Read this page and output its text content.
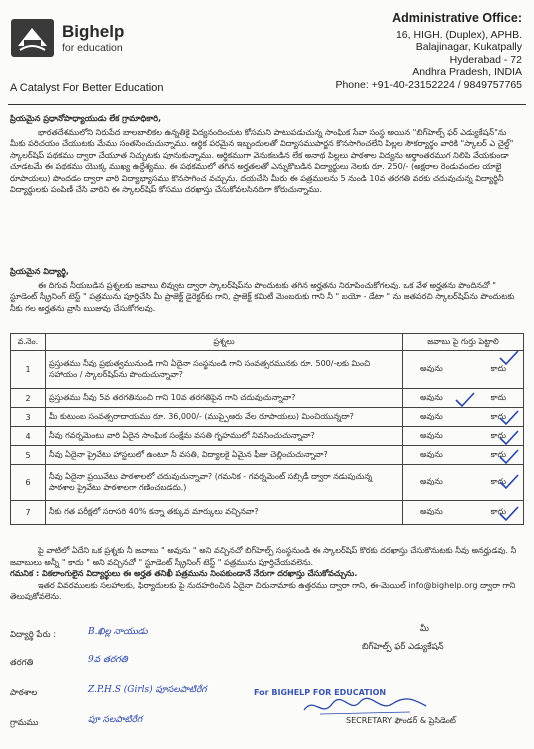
Bighelp
for education
A Catalyst For Better Education
Administrative Office:
16, HIGH. (Duplex), APHB.
Balajinagar, Kukatpally
Hyderabad - 72
Andhra Pradesh, INDIA
Phone: +91-40-23152224 / 9849757765
ప్రియమైన ప్రధానోపాధ్యాయుడు లేక గ్రామాధికారి,
భారతదేశములోని నిరుపేద బాలబాలికల ఉన్నతికై విద్యనందించుట కోసమని పాటుపడుచున్న సాంఘిక సేవా సంస్థ అయిన "బిగ్‌హెల్ప్ ఫర్ ఎడ్యుకేషన్"ను మీకు పరిచయం చేయుటకు మేము సంతసించుచున్నాము. ఆర్థిక పరమైన ఇబ్బందులతో విద్యాసముపార్జన కొనసాగించలేని పిల్లల సౌకర్యార్థం వారికి "స్కాలర్ ఎ చైల్డ్" స్కాలర్‌షిప్ పథకము ద్వారా చేయూత నిచ్చుటకు పూనుకున్నాము. ఆర్థికముగా వెనుకబడిన లేక అనాథ పిల్లలు పాఠశాల విద్యను అర్థాంతరముగ నిలిపి వేయకుండా చూడటమే ఈ పథకము యొక్క ముఖ్య ఉద్దేశ్యము. ఈ పథకములో తగిన అర్హతలతో ఎన్నుకొబడిన విద్యార్థులు నెలకు రూ. 250/- (అక్షరాల రెండువందల యాభై రూపాయలు) పొందడం ద్వారా వారి విద్యాభ్యాసము కొనసాగించ వచ్చును. దయచేసి మీరు ఈ పత్రములను 5 నుండి 10వ తరగతి వరకు చదువుచున్న విద్యార్థినీ విద్యార్థులకు పంపిణీ చేసి వారిని ఈ స్కాలర్‌షిప్ కోసము దరఖాస్తు చేసుకోవలసినదిగా కోరుచున్నాము.
ప్రియమైన విద్యార్థి,
ఈ దిగువ నీయబడిన ప్రశ్నలకు జవాబు లివ్వుట ద్వారా స్కాలర్‌షిప్‌ను పొందుటకు తగిన అర్హతను నిరూపించుకోగలవు. ఒక వేళ అర్హతను పొందినచో " స్టూడెంట్ స్క్రీనింగ్ టెస్ట్ " పత్రమును పూర్తిచేసి మీ ప్రాజెక్ట్ డైరెక్టర్‌కు గాని, ప్రాజెక్ట్ కమిటీ మెంబరుకు గాని నీ " బయో - డేటా " ను జతపరచి స్కాలర్‌షిప్‌ను పొందుటకు నీకు గల అర్హతను వ్రాసి ఋజువు చేసుకోగలవు.
వ.నెం.	ప్రశ్నలు	జవాబు పై గుర్తు పెట్టాలి
1	ప్రస్తుతము నీవు ప్రభుత్వమునుండి గాని ఏదైనా సంస్థనుండి గాని సంవత్సరమునకు రూ. 500/-లకు మించి సహాయం / స్కాలర్‌షిప్‌ను పొందుచున్నావా?	అవును కాదు

2	ప్రస్తుతము నీవు 5వ తరగతినుంచి గాని 10వ తరగతిపైన గాని చదువుచున్నావా?	అవును కాదు

3	మీ కుటుంబ సంవత్సరాదాయము రూ. 36,000/- (ముప్పైఆరు వేల రూపాయలు) మించియున్నదా?	అవును కాదు

4	నీవు గవర్నమెంటు వారి ఏదైన సాంఘిక సంక్షేమ వసతి గృహములో నివసించుచున్నావా?	అవును కాదు

5	నీవు ఏదైనా ప్రైవేటు హాస్టలులో ఉంటూ నీ వసతి, విద్యాలకై ఏమైన ఫీజు చెల్లించుచున్నావా?	అవును కాదు

6	నీవు ఏదైనా ప్రయివేటు పాఠశాలలో చదువుచున్నావా? (గమనిక - గవర్నమెంట్ సబ్సిడీ ద్వారా నడుపుచున్న పాఠశాల ప్రైవేటు పాఠశాలగా గణించబడదు.)	అవును కాదు

7	నీకు గత పరీక్షలో సరాసరి 40% కన్నా తక్కువ మార్కులు వచ్చినవా?	అవును కాదు
పై వాటిలో ఏదేని ఒక ప్రశ్నకు నీ జవాబు " అవును " అని వచ్చినచో బిగ్‌హెల్ప్ సంస్థనుండి ఈ స్కాలర్‌షిప్ కొరకు దరఖాస్తు చేసుకొనుటకు నీవు అనర్హుడవు. నీ జవాబులు అన్నీ " కాదు " అని వచ్చినచో " స్టూడెంట్ స్క్రీనింగ్ టెస్ట్ " పత్రమును పూర్తిచేయవలెను.
గమనిక : వికలాంగులైన విద్యార్థులు ఈ అర్హత తనిఖీ పత్రమును నింపకుండానే నేరుగా దరఖాస్తు చేసుకోవచ్చును.
ఇతర వివరములకు సలహాలకు, ఫిర్యాదులకు పై నుదహరించిన ఏదైనా చిరునామాకు ఉత్తరము ద్వారా గాని, ఈ-మెయిల్ info@bighelp.org ద్వారా గాని తెలుపుకోవలెను.
విద్యార్థి పేరు :	B.ఖిల్ల నాయుడు
తరగతి	9వ తరగతి
పాఠశాల	Z.P.H.S (Girls) పూసలపాటిరేగ
గ్రామము	పూ సలపాటిరేగ
మీ
బిగ్‌హెల్ప్ ఫర్ ఎడ్యుకేషన్
For BIGHELP FOR EDUCATION
SECRETARY ఫౌండర్ & ప్రెసిడెంట్
